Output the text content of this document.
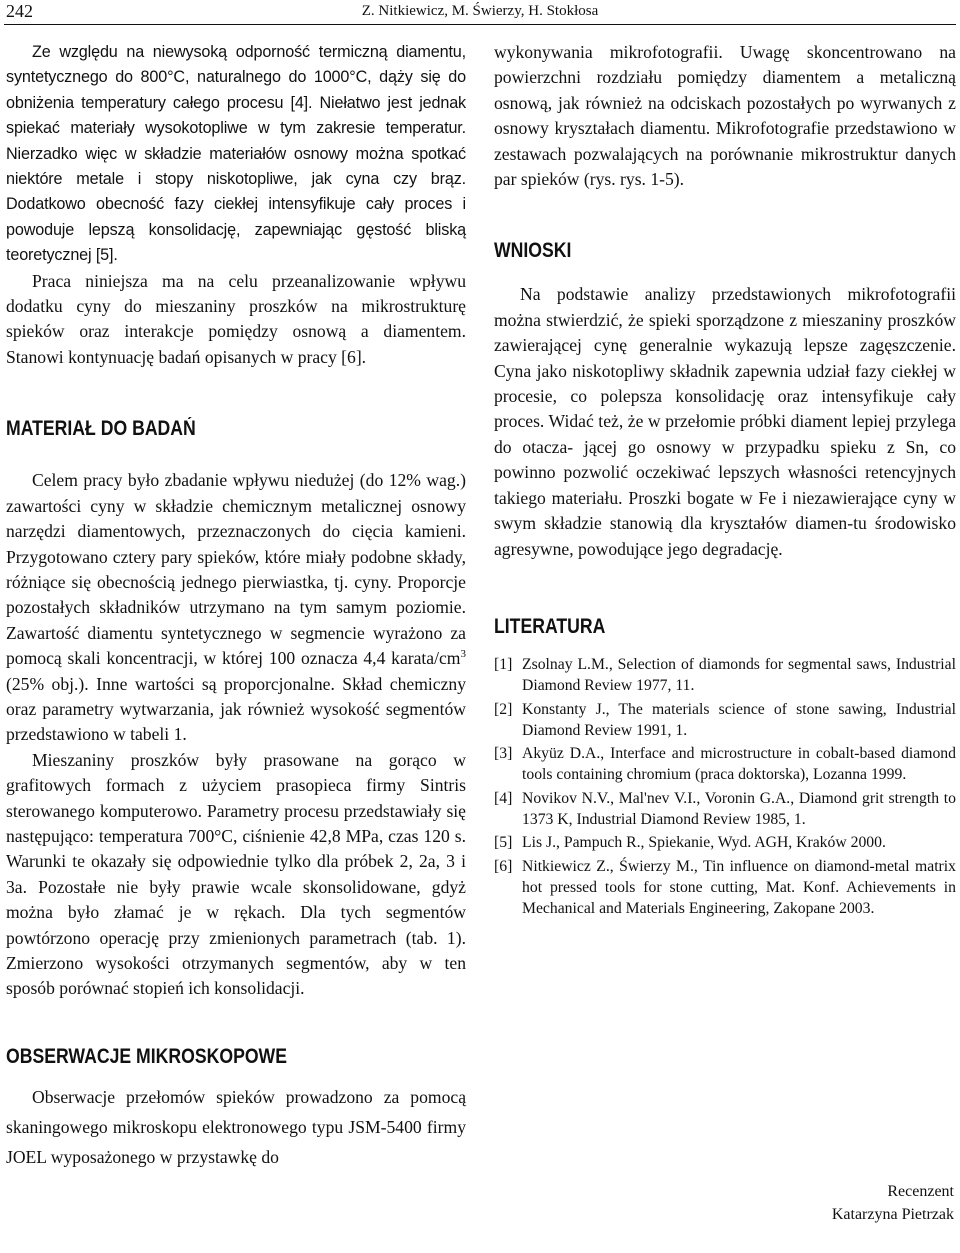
242	Z. Nitkiewicz, M. Świerzy, H. Stokłosa

Ze względu na niewysoką odporność termiczną diamentu, syntetycznego do 800°C, naturalnego do 1000°C, dąży się do obniżenia temperatury całego procesu [4]. Niełatwo jest jednak spiekać materiały wysokotopliwe w tym zakresie temperatur. Nierzadko więc w składzie materiałów osnowy można spotkać niektóre metale i stopy niskotopliwe, jak cyna czy brąz. Dodatkowo obecność fazy ciekłej intensyfikuje cały proces i powoduje lepszą konsolidację, zapewniając gęstość bliską teoretycznej [5].

Praca niniejsza ma na celu przeanalizowanie wpływu dodatku cyny do mieszaniny proszków na mikrostrukturę spieków oraz interakcje pomiędzy osnową a diamentem. Stanowi kontynuację badań opisanych w pracy [6].

MATERIAŁ DO BADAŃ

Celem pracy było zbadanie wpływu niedużej (do 12% wag.) zawartości cyny w składzie chemicznym metalicznej osnowy narzędzi diamentowych, przeznaczonych do cięcia kamieni. Przygotowano cztery pary spieków, które miały podobne składy, różniące się obecnością jednego pierwiastka, tj. cyny. Proporcje pozostałych składników utrzymano na tym samym poziomie. Zawartość diamentu syntetycznego w segmencie wyrażono za pomocą skali koncentracji, w której 100 oznacza 4,4 karata/$cm^3$ (25% obj.). Inne wartości są proporcjonalne. Skład chemiczny oraz parametry wytwarzania, jak również wysokość segmentów przedstawiono w tabeli 1.

Mieszaniny proszków były prasowane na gorąco w grafitowych formach z użyciem prasopieca firmy Sintris sterowanego komputerowo. Parametry procesu przedstawiały się następująco: temperatura 700°C, ciśnienie 42,8 MPa, czas 120 s. Warunki te okazały się odpowiednie tylko dla próbek 2, 2a, 3 i 3a. Pozostałe nie były prawie wcale skonsolidowane, gdyż można było złamać je w rękach. Dla tych segmentów powtórzono operację przy zmienionych parametrach (tab. 1). Zmierzono wysokości otrzymanych segmentów, aby w ten sposób porównać stopień ich konsolidacji.

OBSERWACJE MIKROSKOPOWE

Obserwacje przełomów spieków prowadzono za pomocą skaningowego mikroskopu elektronowego typu JSM-5400 firmy JOEL wyposażonego w przystawkę do

wykonywania mikrofotografii. Uwagę skoncentrowano na powierzchni rozdziału pomiędzy diamentem a metaliczną osnową, jak również na odciskach pozostałych po wyrwanych z osnowy kryształach diamentu. Mikrofotografie przedstawiono w zestawach pozwalających na porównanie mikrostruktur danych par spieków (rys. rys. 1-5).

WNIOSKI

Na podstawie analizy przedstawionych mikrofotografii można stwierdzić, że spieki sporządzone z mieszaniny proszków zawierającej cynę generalnie wykazują lepsze zagęszczenie. Cyna jako niskotopliwy składnik zapewnia udział fazy ciekłej w procesie, co polepsza konsolidację oraz intensyfikuje cały proces. Widać też, że w przełomie próbki diament lepiej przylega do otacza- jącej go osnowy w przypadku spieku z Sn, co powinno pozwolić oczekiwać lepszych własności retencyjnych takiego materiału. Proszki bogate w Fe i niezawierające cyny w swym składzie stanowią dla kryształów diamen-tu środowisko agresywne, powodujące jego degradację.

LITERATURA
[1] Zsolnay L.M., Selection of diamonds for segmental saws, Industrial Diamond Review 1977, 11.
[2] Konstanty J., The materials science of stone sawing, Industrial Diamond Review 1991, 1.
[3] Akyüz D.A., Interface and microstructure in cobalt-based diamond tools containing chromium (praca doktorska), Lozanna 1999.
[4] Novikov N.V., Mal'nev V.I., Voronin G.A., Diamond grit strength to 1373 K, Industrial Diamond Review 1985, 1.
[5] Lis J., Pampuch R., Spiekanie, Wyd. AGH, Kraków 2000.
[6] Nitkiewicz Z., Świerzy M., Tin influence on diamond-metal matrix hot pressed tools for stone cutting, Mat. Konf. Achievements in Mechanical and Materials Engineering, Zakopane 2003.
Recenzent
Katarzyna Pietrzak
